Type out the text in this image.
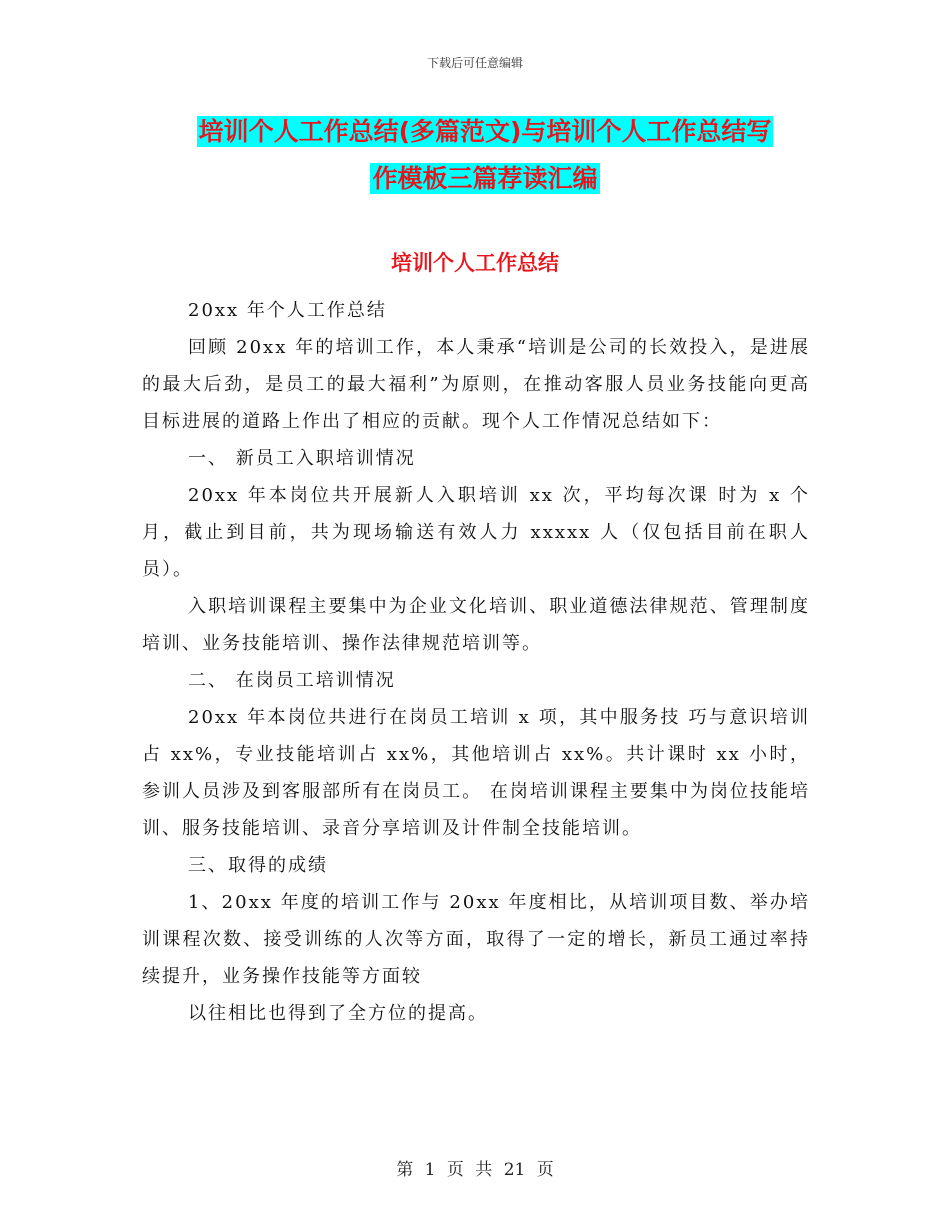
下载后可任意编辑
培训个人工作总结(多篇范文)与培训个人工作总结写
作模板三篇荐读汇编
培训个人工作总结

20xx 年个人工作总结

回顾 20xx 年的培训工作，本人秉承“培训是公司的长效投入，是进展的最大后劲，是员工的最大福利”为原则，在推动客服人员业务技能向更高目标进展的道路上作出了相应的贡献。现个人工作情况总结如下：

一、 新员工入职培训情况

20xx 年本岗位共开展新人入职培训 xx 次，平均每次课 时为 x 个月，截止到目前，共为现场输送有效人力 xxxxx 人（仅包括目前在职人员）。

入职培训课程主要集中为企业文化培训、职业道德法律规范、管理制度培训、业务技能培训、操作法律规范培训等。

二、 在岗员工培训情况

20xx 年本岗位共进行在岗员工培训 x 项，其中服务技 巧与意识培训占 xx%，专业技能培训占 xx%，其他培训占 xx%。共计课时 xx 小时，参训人员涉及到客服部所有在岗员工。 在岗培训课程主要集中为岗位技能培训、服务技能培训、录音分享培训及计件制全技能培训。

三、取得的成绩

1、20xx 年度的培训工作与 20xx 年度相比，从培训项目数、举办培训课程次数、接受训练的人次等方面，取得了一定的增长，新员工通过率持续提升，业务操作技能等方面较

以往相比也得到了全方位的提高。

第 1 页 共 21 页
